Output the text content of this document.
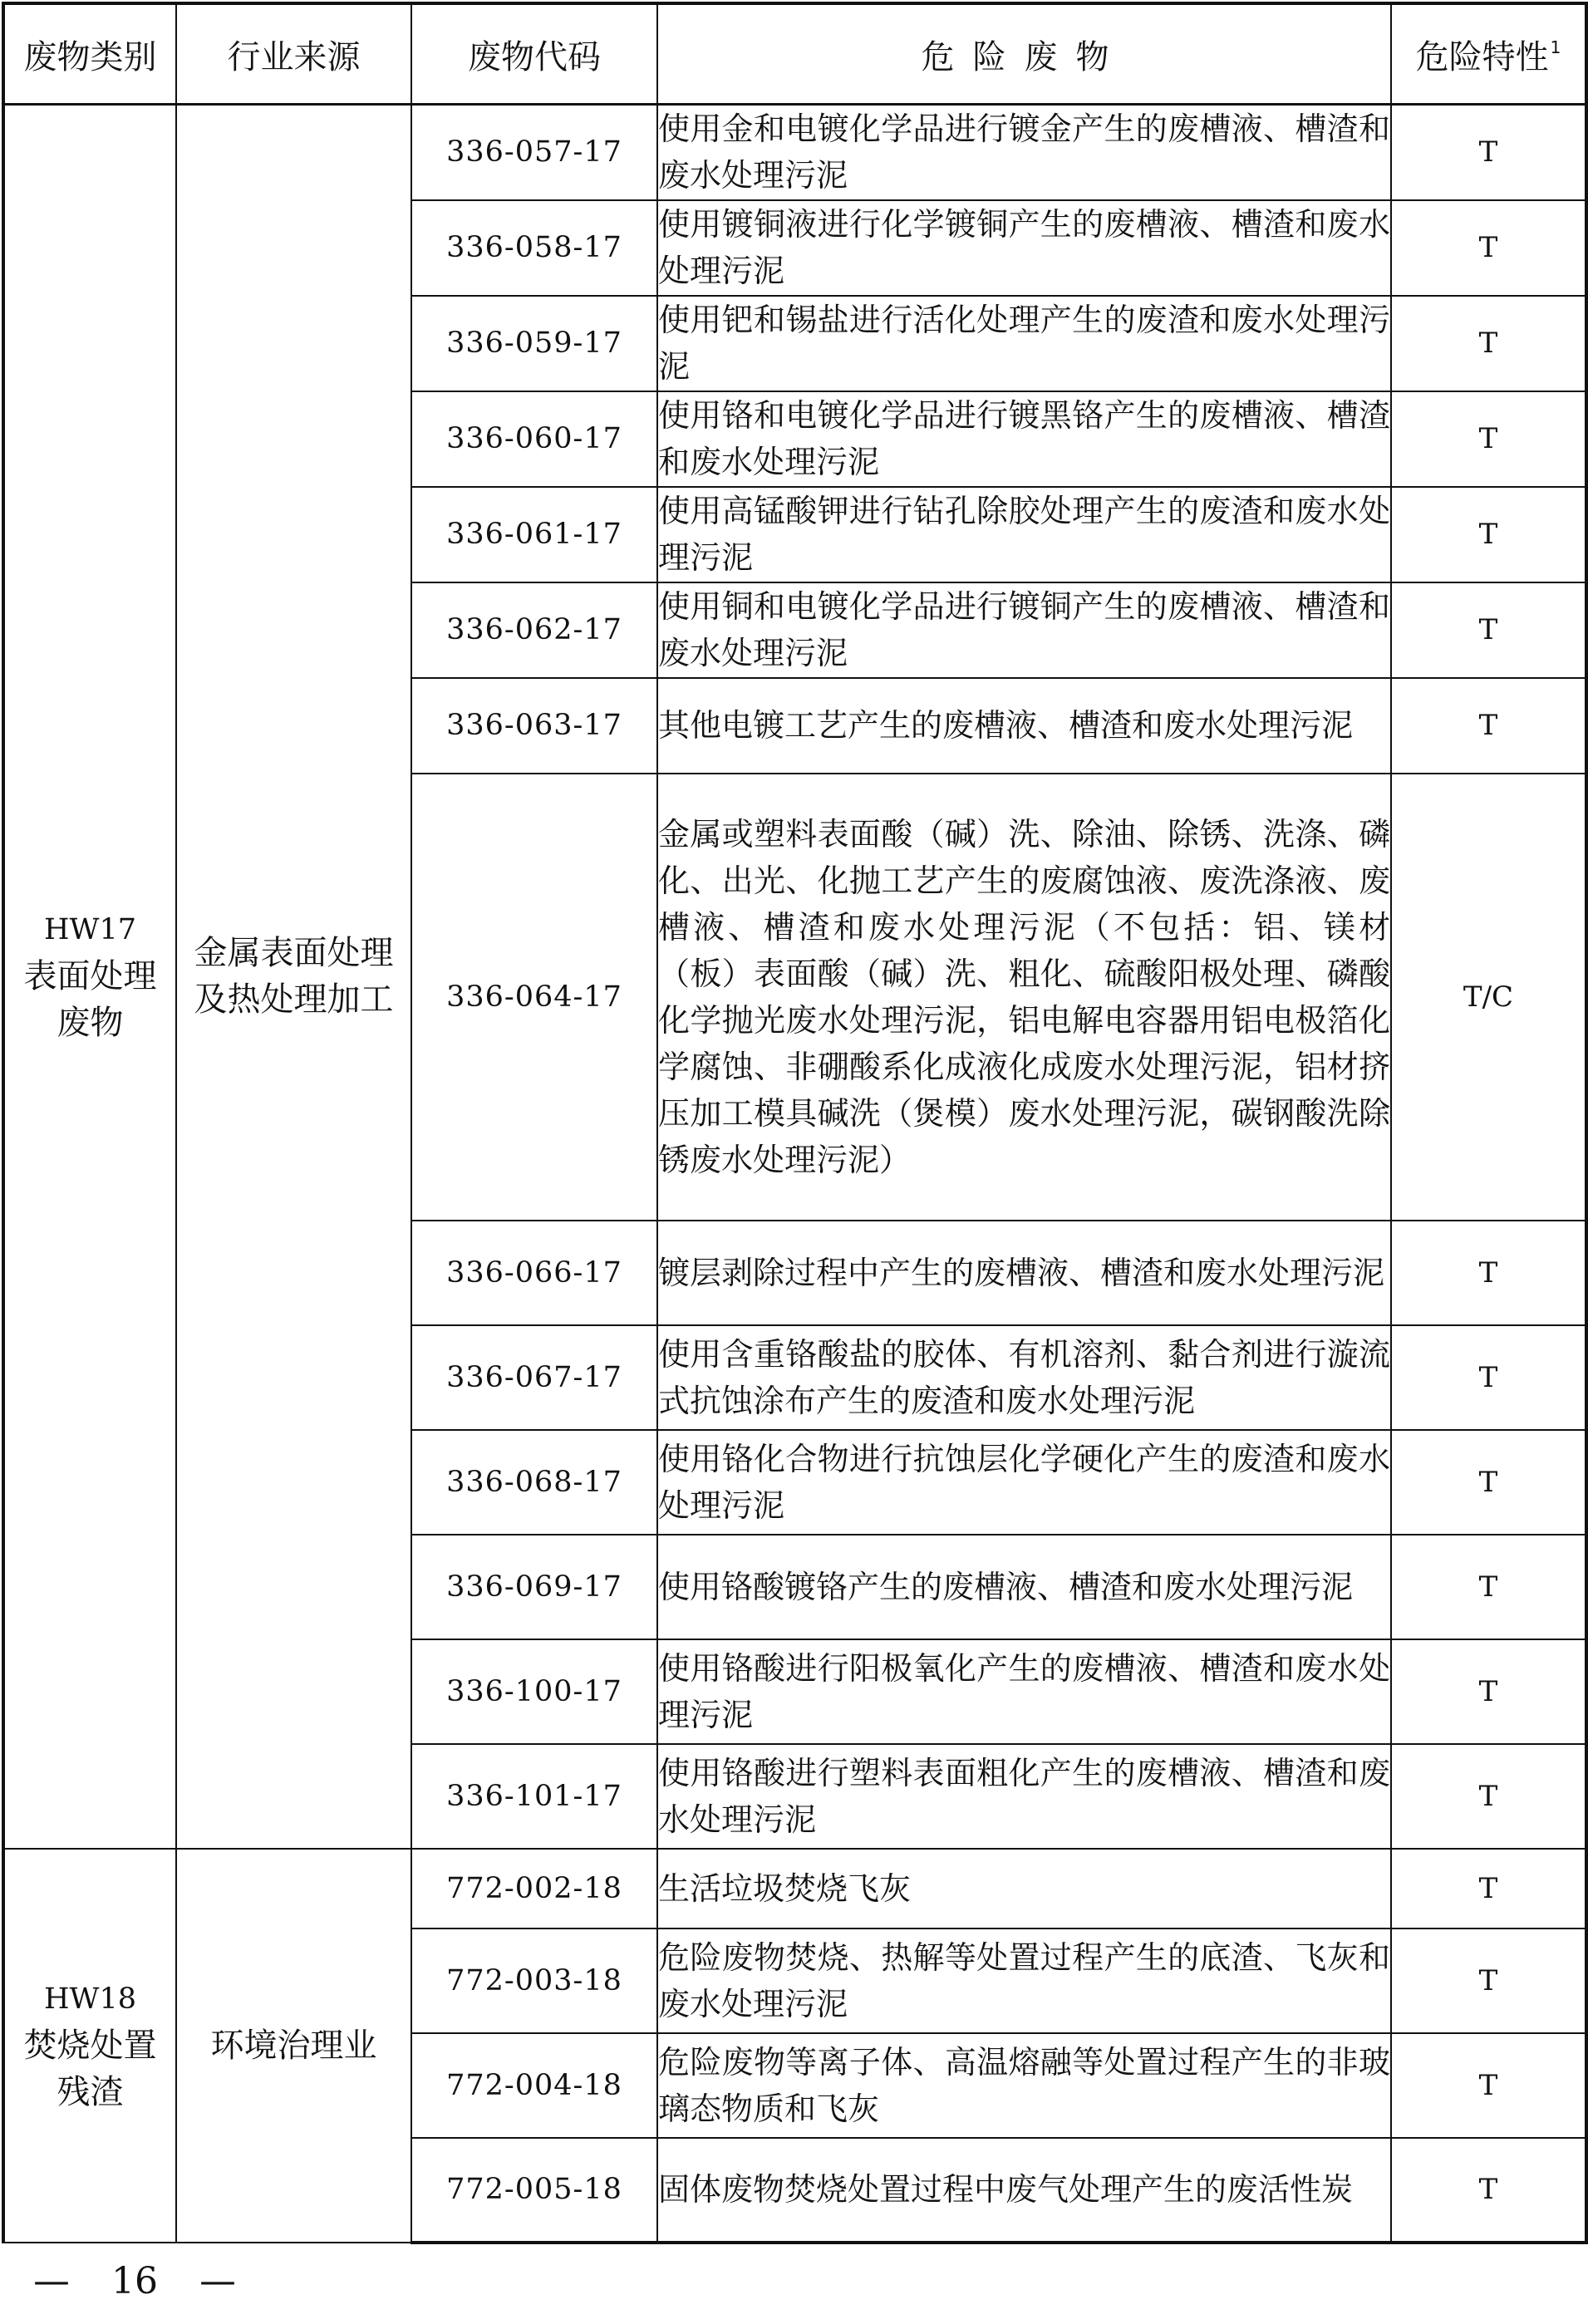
废物类别	行业来源	废物代码	危险废物	危险特性 $^1$

HW17
表面处理废物	金属表面处理及热处理加工	336-057-17	使用金和电镀化学品进行镀金产生的废槽液、槽渣和废水处理污泥	T
		336-058-17	使用镀铜液进行化学镀铜产生的废槽液、槽渣和废水处理污泥	T
		336-059-17	使用钯和锡盐进行活化处理产生的废渣和废水处理污泥	T
		336-060-17	使用铬和电镀化学品进行镀黑铬产生的废槽液、槽渣和废水处理污泥	T
		336-061-17	使用高锰酸钾进行钻孔除胶处理产生的废渣和废水处理污泥	T
		336-062-17	使用铜和电镀化学品进行镀铜产生的废槽液、槽渣和废水处理污泥	T
		336-063-17	其他电镀工艺产生的废槽液、槽渣和废水处理污泥	T
		336-064-17	金属或塑料表面酸（碱）洗、除油、除锈、洗涤、磷化、出光、化抛工艺产生的废腐蚀液、废洗涤液、废槽液、槽渣和废水处理污泥（不包括：铝、镁材（板）表面酸（碱）洗、粗化、硫酸阳极处理、磷酸化学抛光废水处理污泥，铝电解电容器用铝电极箔化学腐蚀、非硼酸系化成液化成废水处理污泥，铝材挤压加工模具碱洗（煲模）废水处理污泥，碳钢酸洗除锈废水处理污泥）	T/C
		336-066-17	镀层剥除过程中产生的废槽液、槽渣和废水处理污泥	T
		336-067-17	使用含重铬酸盐的胶体、有机溶剂、黏合剂进行漩流式抗蚀涂布产生的废渣和废水处理污泥	T
		336-068-17	使用铬化合物进行抗蚀层化学硬化产生的废渣和废水处理污泥	T
		336-069-17	使用铬酸镀铬产生的废槽液、槽渣和废水处理污泥	T
		336-100-17	使用铬酸进行阳极氧化产生的废槽液、槽渣和废水处理污泥	T
		336-101-17	使用铬酸进行塑料表面粗化产生的废槽液、槽渣和废水处理污泥	T

HW18
焚烧处置残渣	环境治理业	772-002-18	生活垃圾焚烧飞灰	T
		772-003-18	危险废物焚烧、热解等处置过程产生的底渣、飞灰和废水处理污泥	T
		772-004-18	危险废物等离子体、高温熔融等处置过程产生的非玻璃态物质和飞灰	T
		772-005-18	固体废物焚烧处置过程中废气处理产生的废活性炭	T
— 16 —
